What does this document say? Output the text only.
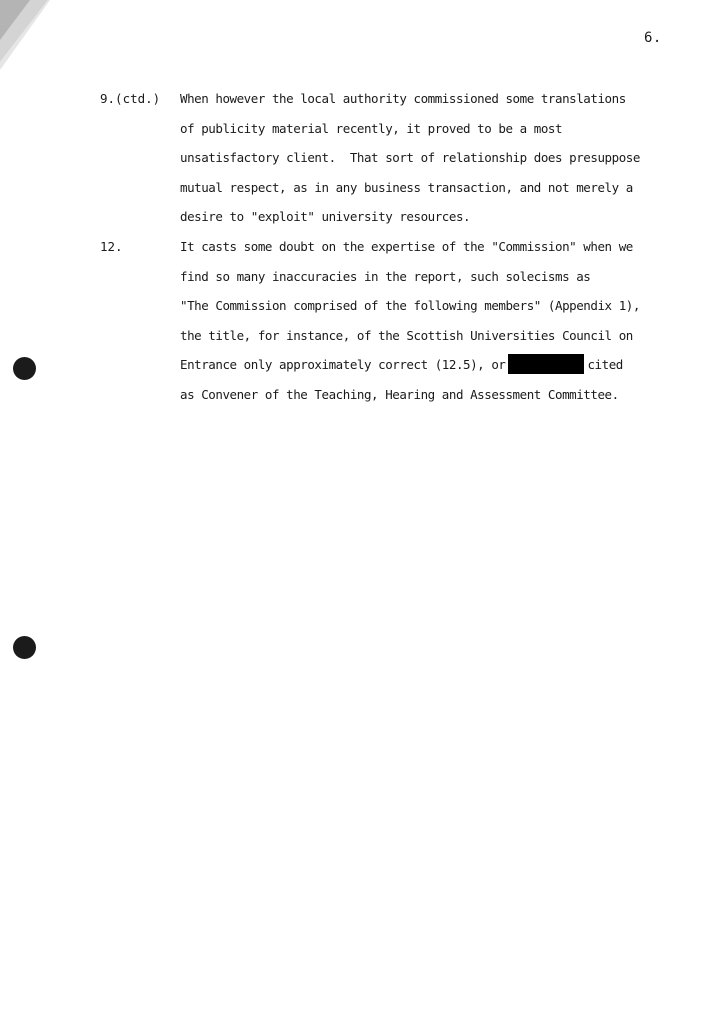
6.
9.(ctd.) When however the local authority commissioned some translations
of publicity material recently, it proved to be a most
unsatisfactory client.  That sort of relationship does presuppose
mutual respect, as in any business transaction, and not merely a
desire to "exploit" university resources.
12.	It casts some doubt on the expertise of the "Commission" when we
find so many inaccuracies in the report, such solecisms as
"The Commission comprised of the following members" (Appendix 1),
the title, for instance, of the Scottish Universities Council on
Entrance only approximately correct (12.5), or	cited
as Convener of the Teaching, Hearing and Assessment Committee.
